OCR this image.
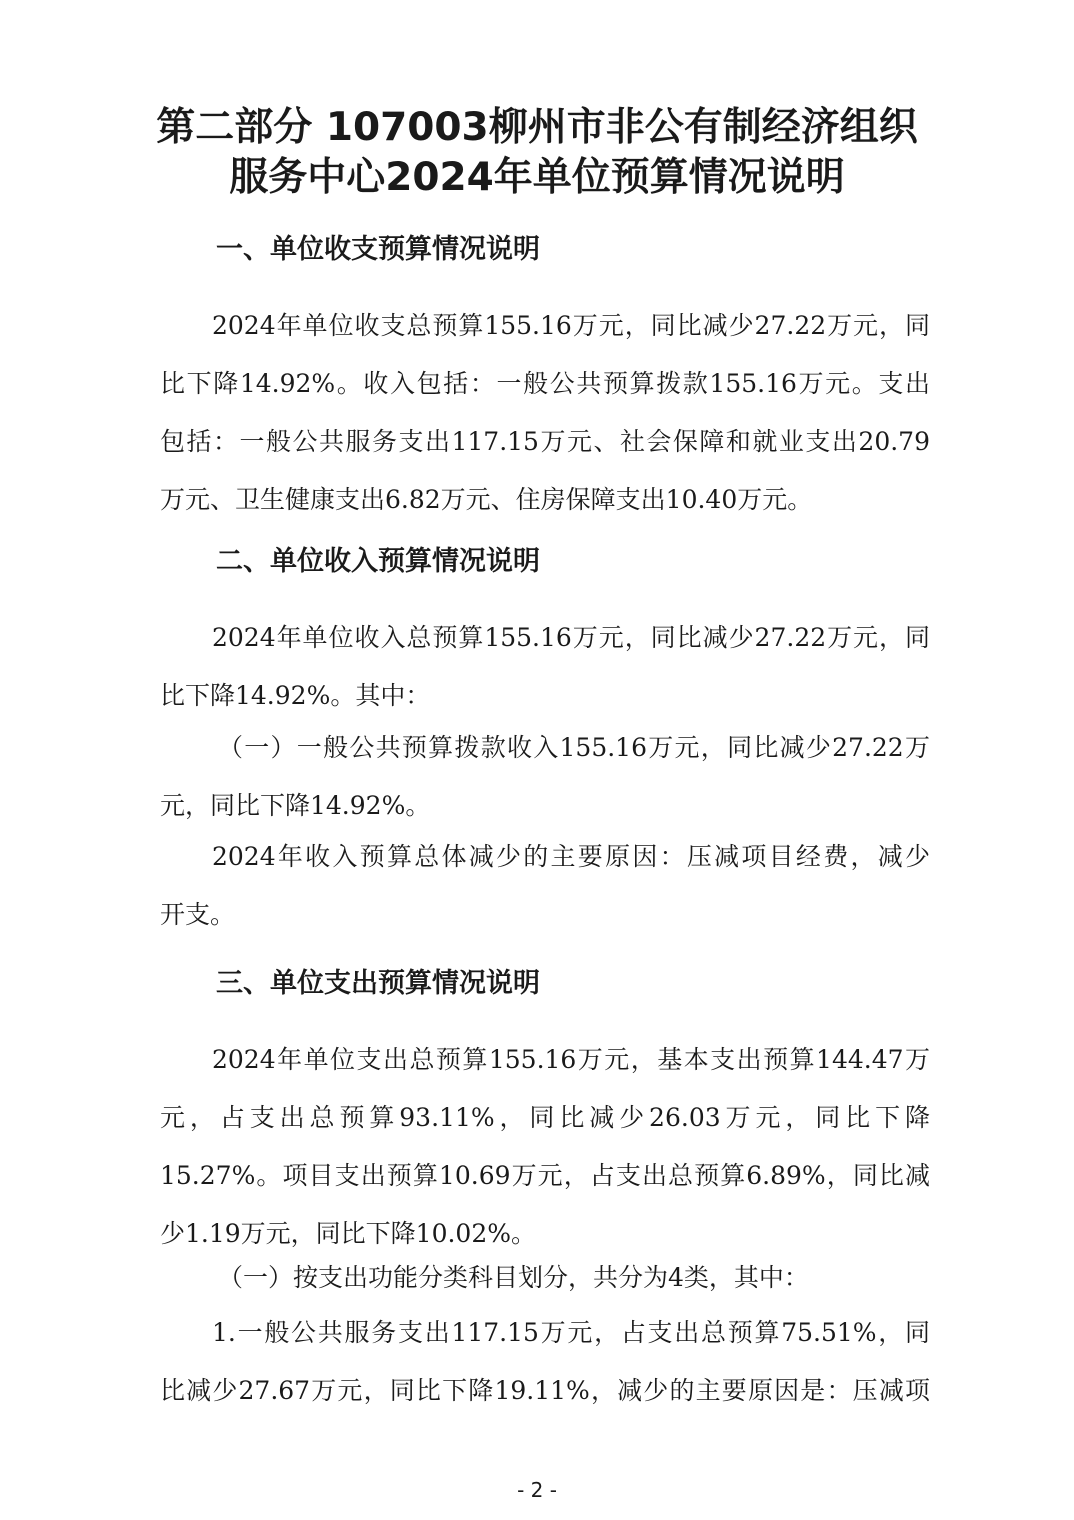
第二部分 107003柳州市非公有制经济组织
服务中心2024年单位预算情况说明
一、单位收支预算情况说明
2024年单位收支总预算155.16万元，同比减少27.22万元，同
比下降14.92%。收入包括：一般公共预算拨款155.16万元。支出
包括：一般公共服务支出117.15万元、社会保障和就业支出20.79
万元、卫生健康支出6.82万元、住房保障支出10.40万元。
二、单位收入预算情况说明
2024年单位收入总预算155.16万元，同比减少27.22万元，同
比下降14.92%。其中：
（一）一般公共预算拨款收入155.16万元，同比减少27.22万
元，同比下降14.92%。
2024年收入预算总体减少的主要原因：压减项目经费，减少
开支。
三、单位支出预算情况说明
2024年单位支出总预算155.16万元，基本支出预算144.47万
元，占支出总预算93.11%，同比减少26.03万元，同比下降
15.27%。项目支出预算10.69万元，占支出总预算6.89%，同比减
少1.19万元，同比下降10.02%。
（一）按支出功能分类科目划分，共分为4类，其中：
1.一般公共服务支出117.15万元，占支出总预算75.51%，同
比减少27.67万元，同比下降19.11%，减少的主要原因是：压减项
- 2 -
